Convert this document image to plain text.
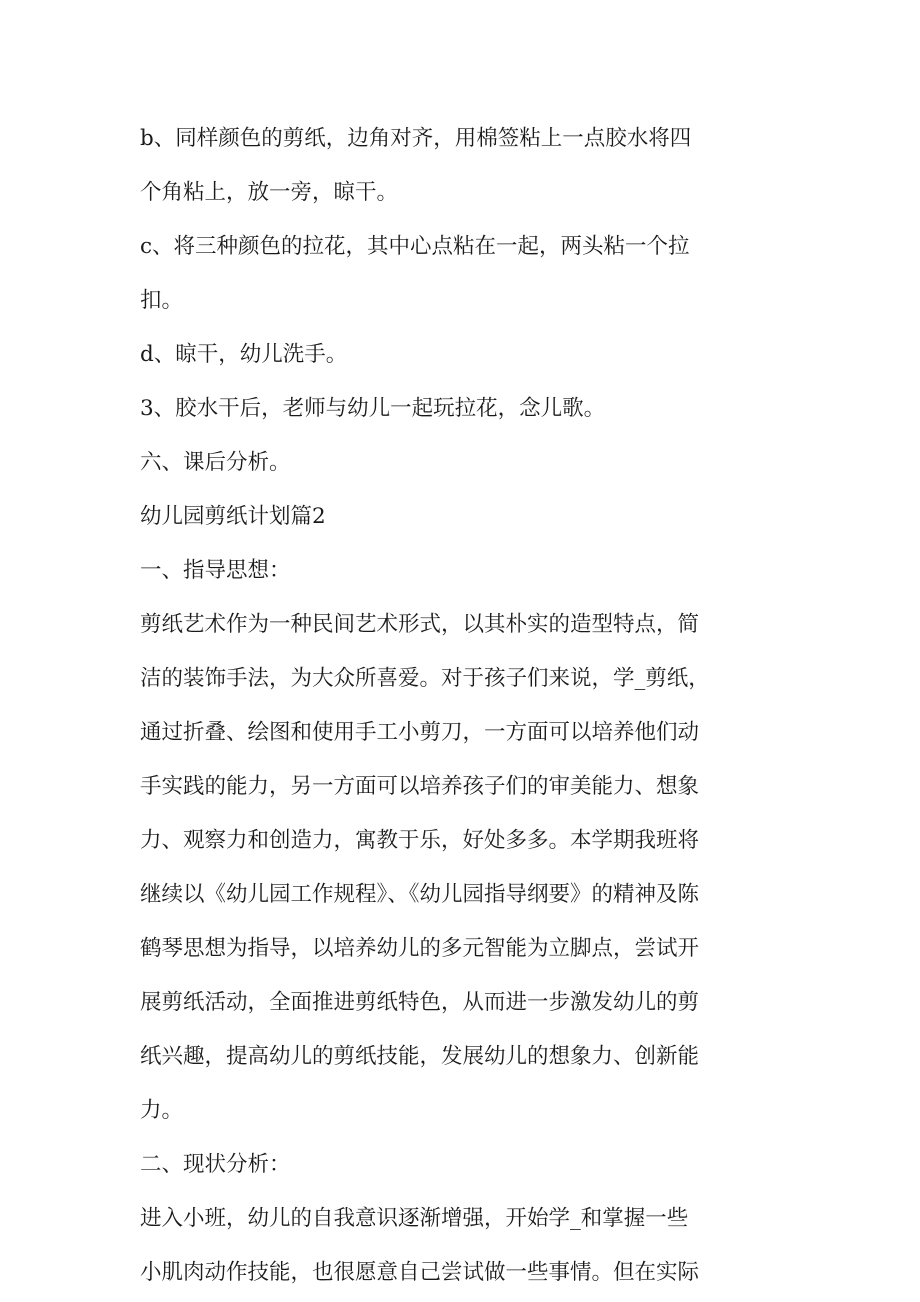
b、同样颜色的剪纸，边角对齐，用棉签粘上一点胶水将四
个角粘上，放一旁，晾干。
c、将三种颜色的拉花，其中心点粘在一起，两头粘一个拉
扣。
d、晾干，幼儿洗手。
3、胶水干后，老师与幼儿一起玩拉花，念儿歌。
六、课后分析。
幼儿园剪纸计划篇2
一、指导思想：
剪纸艺术作为一种民间艺术形式，以其朴实的造型特点，简
洁的装饰手法，为大众所喜爱。对于孩子们来说，学_剪纸，
通过折叠、绘图和使用手工小剪刀，一方面可以培养他们动
手实践的能力，另一方面可以培养孩子们的审美能力、想象
力、观察力和创造力，寓教于乐，好处多多。本学期我班将
继续以《幼儿园工作规程》、《幼儿园指导纲要》的精神及陈
鹤琴思想为指导，以培养幼儿的多元智能为立脚点，尝试开
展剪纸活动，全面推进剪纸特色，从而进一步激发幼儿的剪
纸兴趣，提高幼儿的剪纸技能，发展幼儿的想象力、创新能
力。
二、现状分析：
进入小班，幼儿的自我意识逐渐增强，开始学_和掌握一些
小肌肉动作技能，也很愿意自己尝试做一些事情。但在实际
